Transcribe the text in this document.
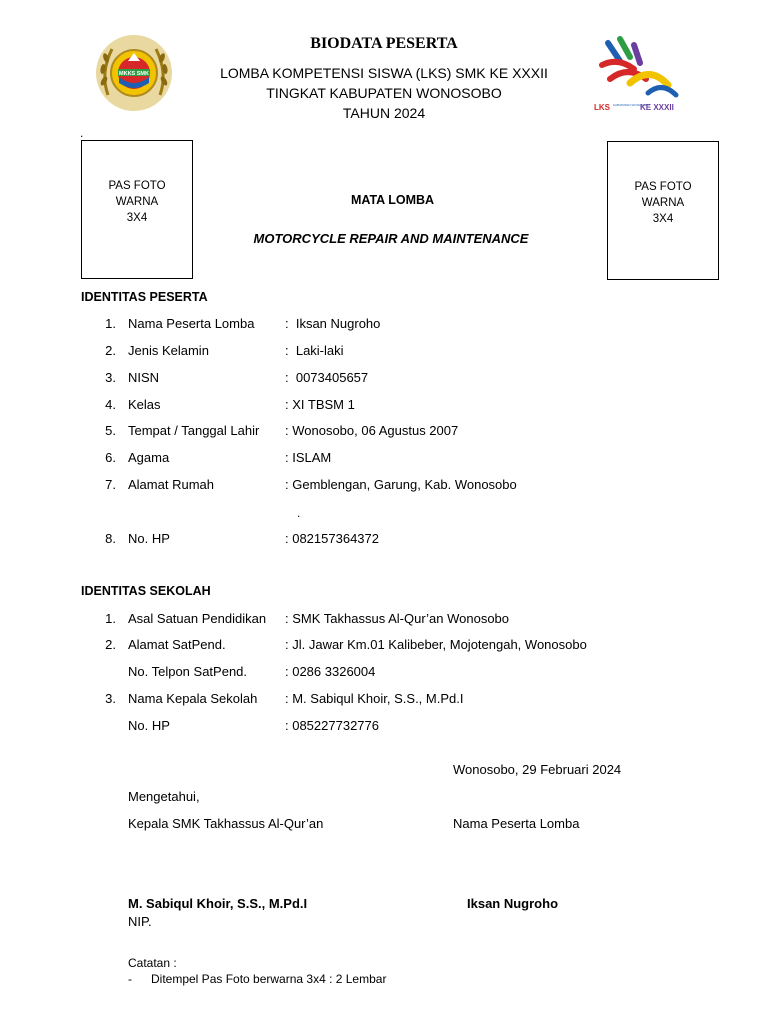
MKKS SMK
BIODATA PESERTA
LOMBA KOMPETENSI SISWA (LKS) SMK KE XXXII
TINGKAT KABUPATEN WONOSOBO
TAHUN 2024	LKS KABUPATEN WONOSOBO
KE XXXII
.
PAS FOTO
WARNA
3X4
PAS FOTO
WARNA
3X4
MATA LOMBA
MOTORCYCLE REPAIR AND MAINTENANCE
IDENTITAS PESERTA
1. Nama Peserta Lomba :  Iksan Nugroho
2. Jenis Kelamin	:  Laki-laki
3. NISN	:  0073405657
4. Kelas	: XI TBSM 1
5. Tempat / Tanggal Lahir : Wonosobo, 06 Agustus 2007
6. Agama	: ISLAM
7. Alamat Rumah	: Gemblengan, Garung, Kab. Wonosobo
8. No. HP	: 082157364372
.
IDENTITAS SEKOLAH
1. Asal Satuan Pendidikan : SMK Takhassus Al-Qur’an Wonosobo
2. Alamat SatPend.	: Jl. Jawar Km.01 Kalibeber, Mojotengah, Wonosobo
No. Telpon SatPend.	: 0286 3326004
3. Nama Kepala Sekolah : M. Sabiqul Khoir, S.S., M.Pd.I
No. HP	: 085227732776
Wonosobo, 29 Februari 2024
Mengetahui,
Kepala SMK Takhassus Al-Qur’an	Nama Peserta Lomba
M. Sabiqul Khoir, S.S., M.Pd.I	Iksan Nugroho
NIP.
Catatan :
- Ditempel Pas Foto berwarna 3x4 : 2 Lembar
